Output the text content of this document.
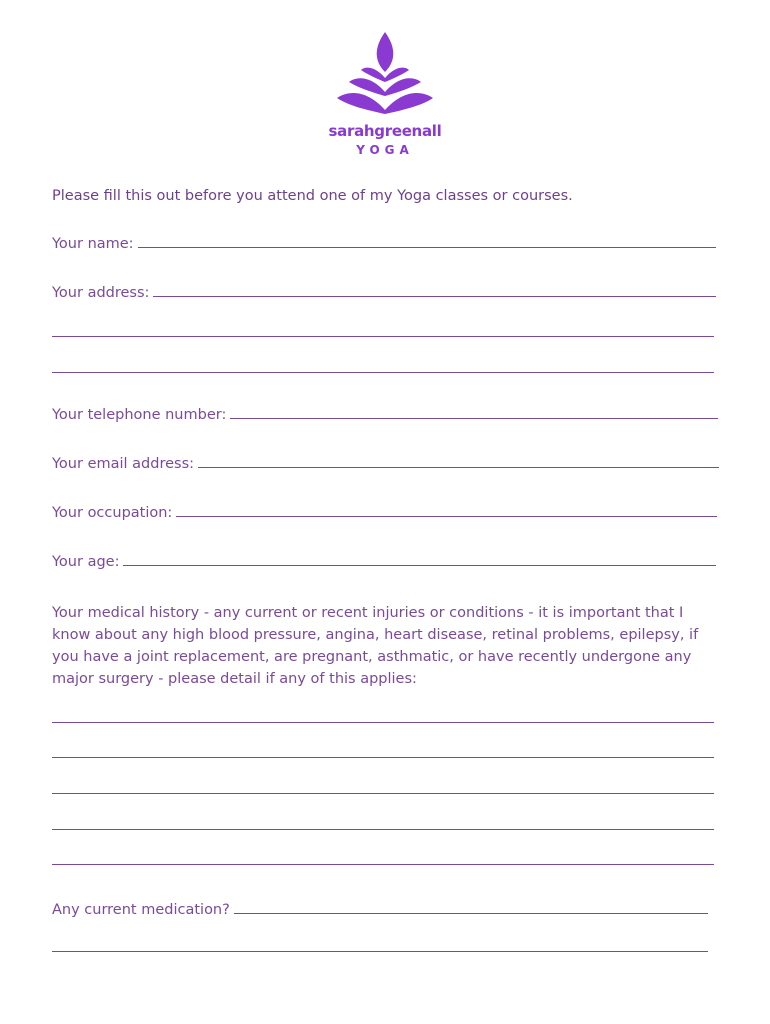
sarahgreenall
YOGA
Please fill this out before you attend one of my Yoga classes or courses.
Your name:
Your address:
Your telephone number:
Your email address:
Your occupation:
Your age:
Your medical history - any current or recent injuries or conditions - it is important that I know about any high blood pressure, angina, heart disease, retinal problems, epilepsy, if you have a joint replacement, are pregnant, asthmatic, or have recently undergone any major surgery - please detail if any of this applies:
Any current medication?
